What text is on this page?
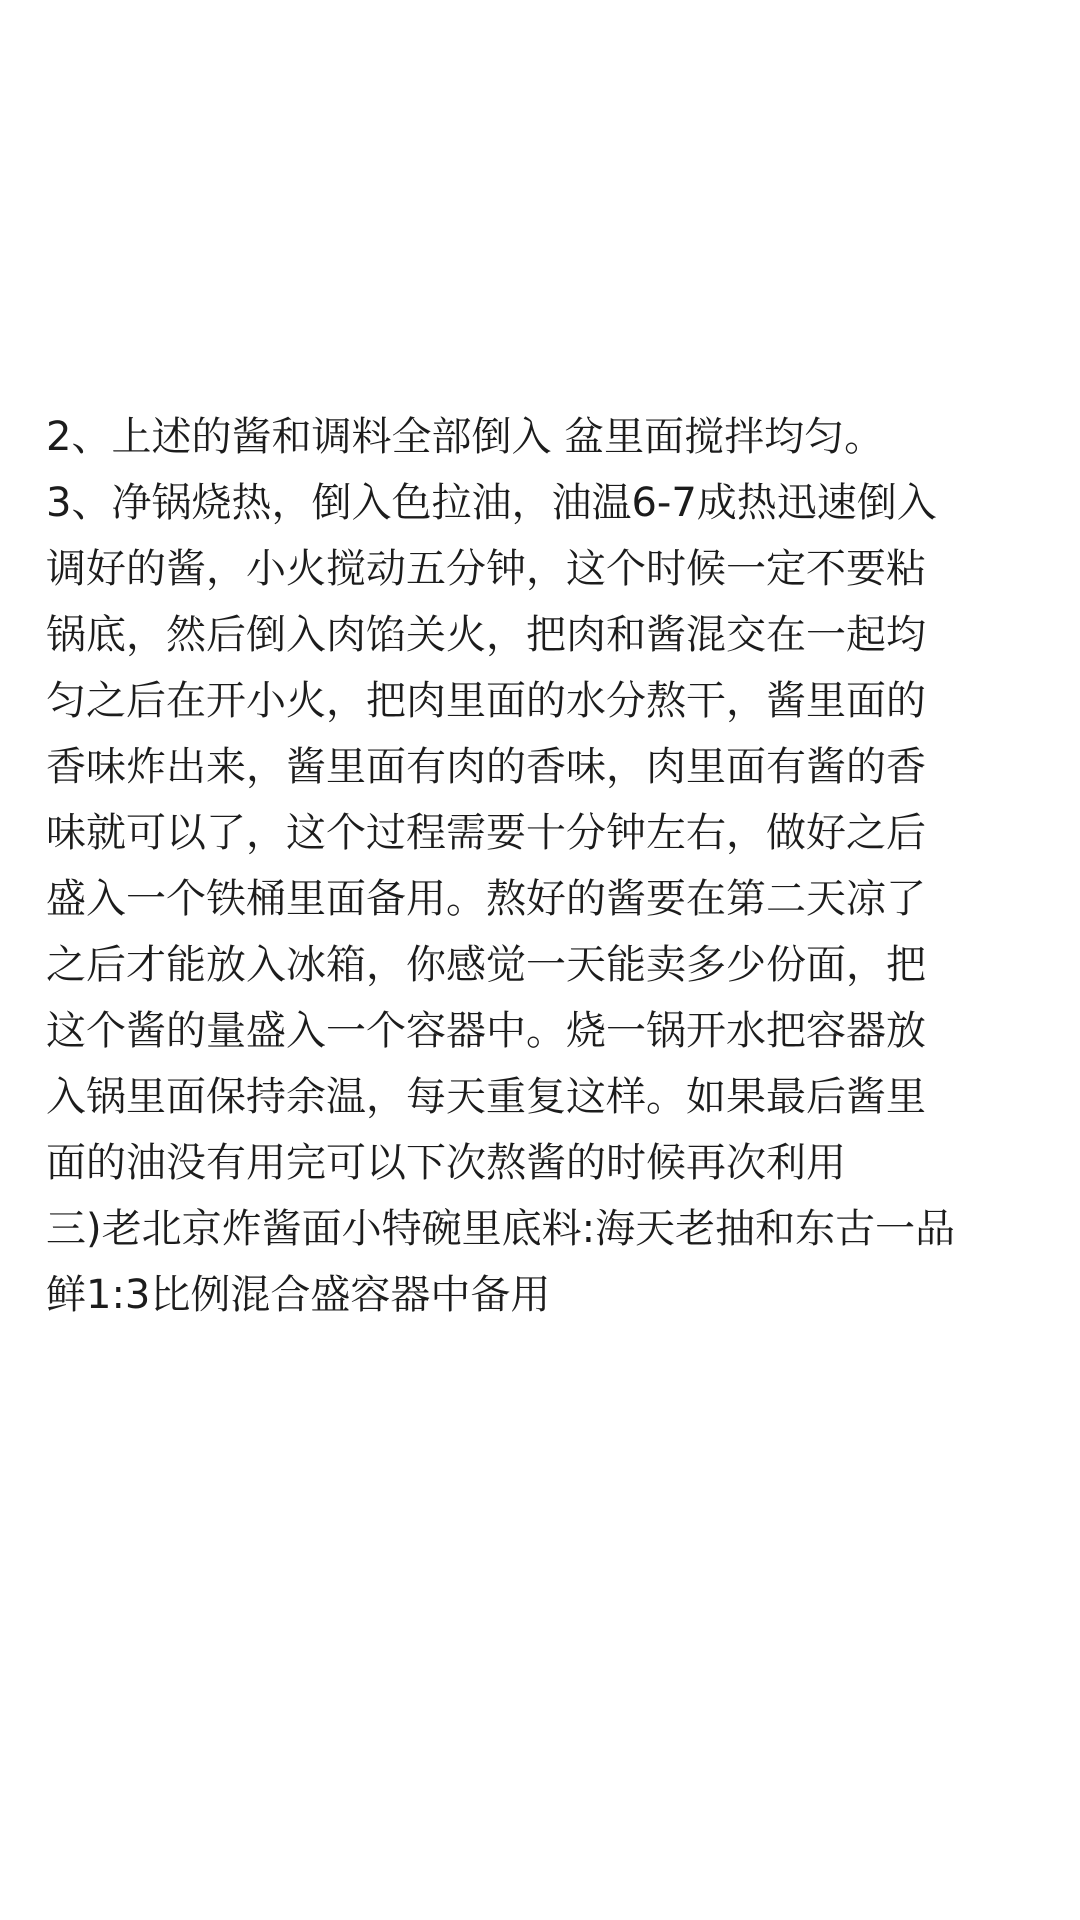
2、上述的酱和调料全部倒入 盆里面搅拌均匀。
3、净锅烧热，倒入色拉油，油温6-7成热迅速倒入
调好的酱，小火搅动五分钟，这个时候一定不要粘
锅底，然后倒入肉馅关火，把肉和酱混交在一起均
匀之后在开小火，把肉里面的水分熬干，酱里面的
香味炸出来，酱里面有肉的香味，肉里面有酱的香
味就可以了，这个过程需要十分钟左右，做好之后
盛入一个铁桶里面备用。熬好的酱要在第二天凉了
之后才能放入冰箱，你感觉一天能卖多少份面，把
这个酱的量盛入一个容器中。烧一锅开水把容器放
入锅里面保持余温，每天重复这样。如果最后酱里
面的油没有用完可以下次熬酱的时候再次利用
三)老北京炸酱面小特碗里底料:海天老抽和东古一品
鲜1:3比例混合盛容器中备用
